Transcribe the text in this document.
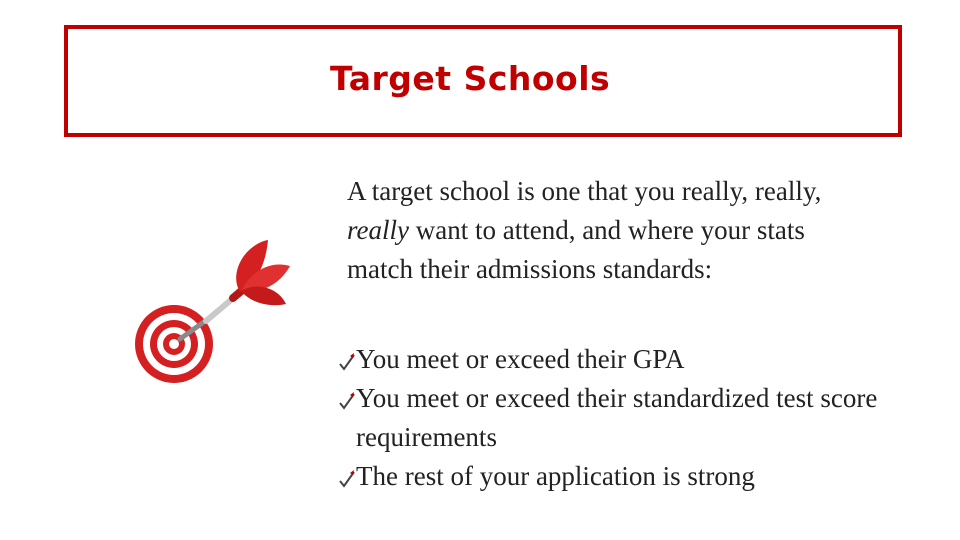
Target Schools

A target school is one that you really, really, really want to attend, and where your stats match their admissions standards:

You meet or exceed their GPA
You meet or exceed their standardized test score requirements
The rest of your application is strong
